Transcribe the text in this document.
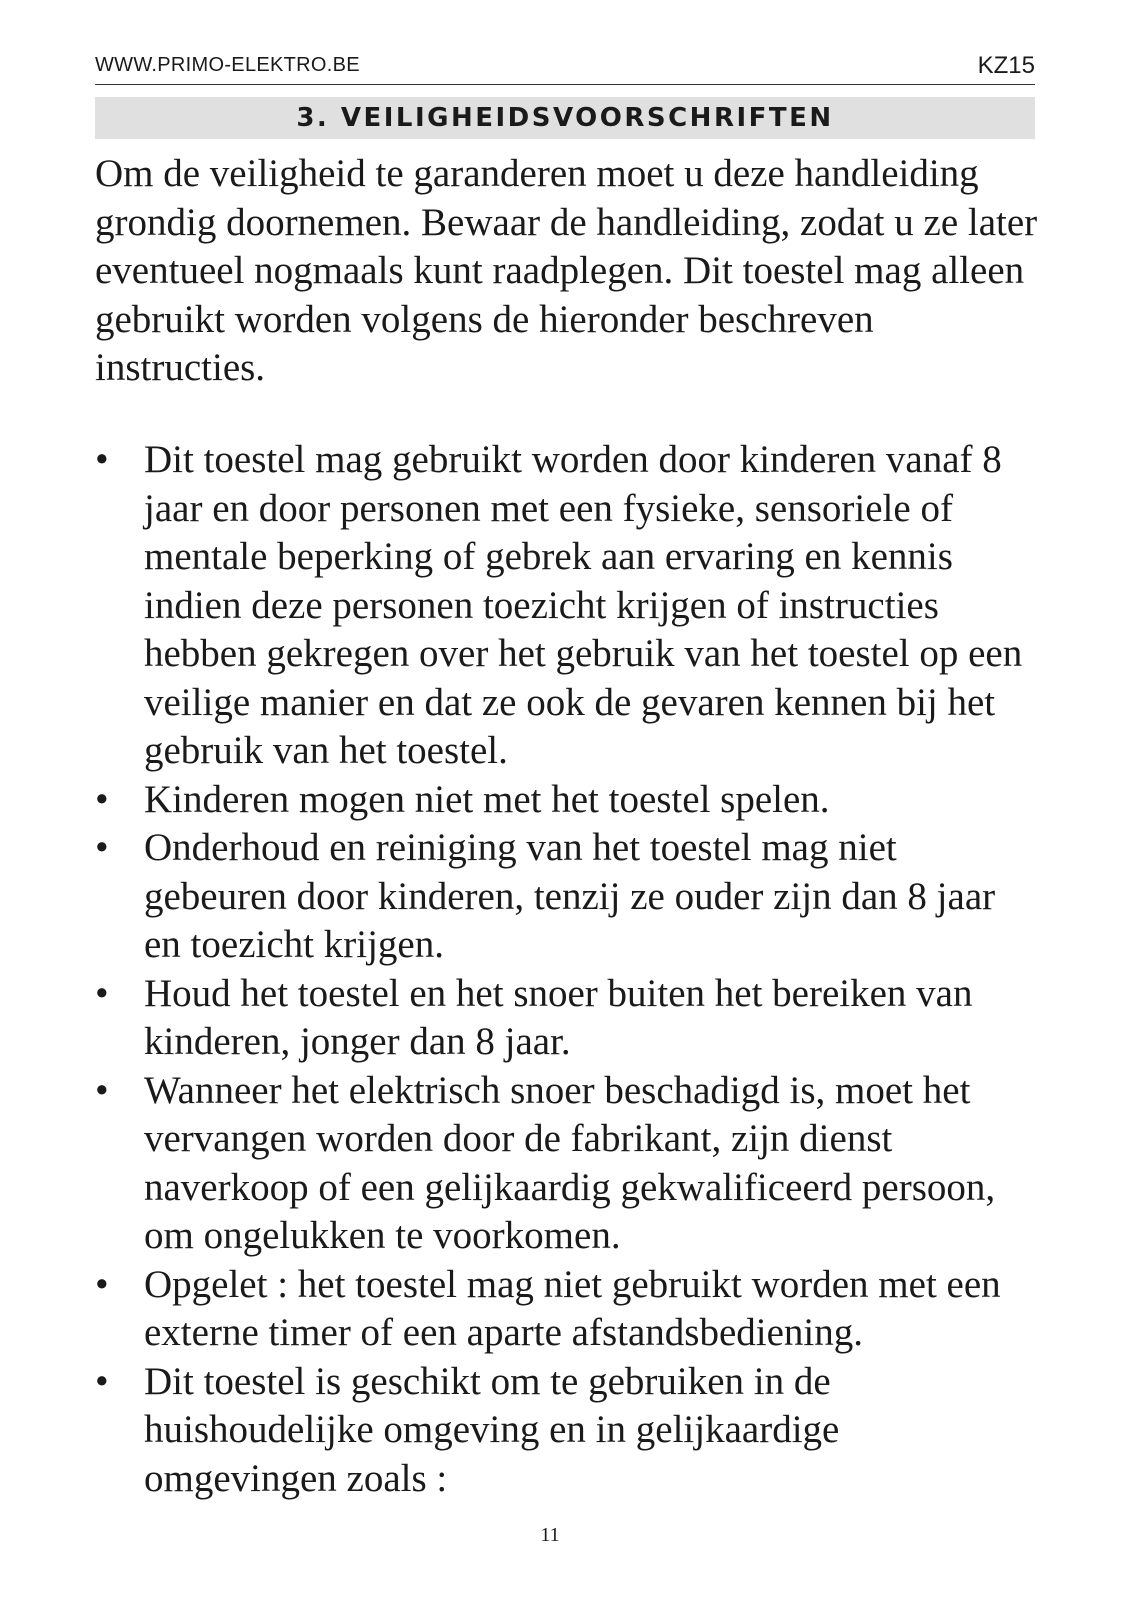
WWW.PRIMO-ELEKTRO.BE	KZ15
3. VEILIGHEIDSVOORSCHRIFTEN

Om de veiligheid te garanderen moet u deze handleiding grondig doornemen. Bewaar de handleiding, zodat u ze later eventueel nogmaals kunt raadplegen. Dit toestel mag alleen gebruikt worden volgens de hieronder beschreven instructies.

• Dit toestel mag gebruikt worden door kinderen vanaf 8 jaar en door personen met een fysieke, sensoriele of mentale beperking of gebrek aan ervaring en kennis indien deze personen toezicht krijgen of instructies hebben gekregen over het gebruik van het toestel op een veilige manier en dat ze ook de gevaren kennen bij het gebruik van het toestel.
• Kinderen mogen niet met het toestel spelen.
• Onderhoud en reiniging van het toestel mag niet gebeuren door kinderen, tenzij ze ouder zijn dan 8 jaar en toezicht krijgen.
• Houd het toestel en het snoer buiten het bereiken van kinderen, jonger dan 8 jaar.
• Wanneer het elektrisch snoer beschadigd is, moet het vervangen worden door de fabrikant, zijn dienst naverkoop of een gelijkaardig gekwalificeerd persoon, om ongelukken te voorkomen.
• Opgelet : het toestel mag niet gebruikt worden met een externe timer of een aparte afstandsbediening.
• Dit toestel is geschikt om te gebruiken in de huishoudelijke omgeving en in gelijkaardige omgevingen zoals :
11
